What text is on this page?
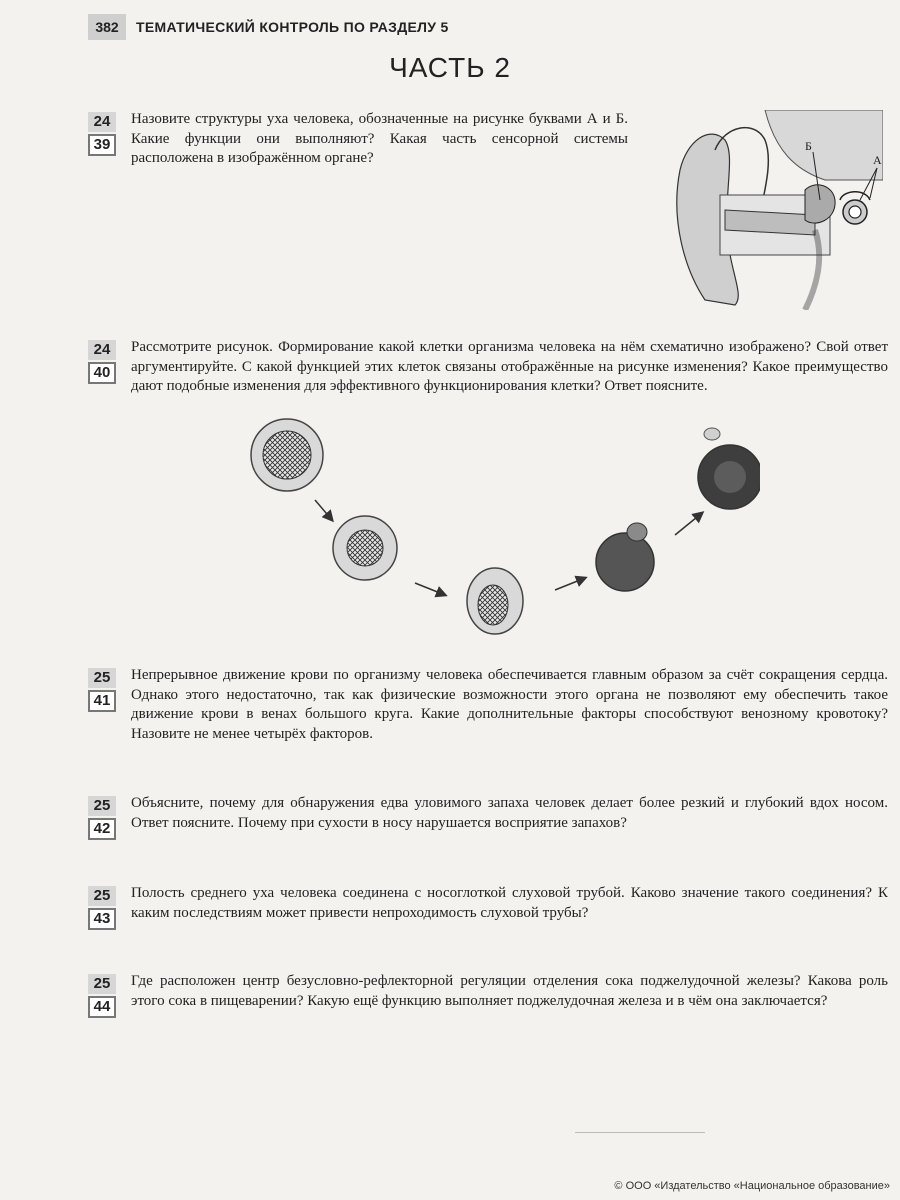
382	ТЕМАТИЧЕСКИЙ КОНТРОЛЬ ПО РАЗДЕЛУ 5
ЧАСТЬ 2
24
39
Назовите структуры уха человека, обозначенные на рисунке буквами А и Б. Какие функции они выполняют? Какая часть сенсорной системы расположена в изображённом органе?
Б
А
24
40
Рассмотрите рисунок. Формирование какой клетки организма человека на нём схематично изображено? Свой ответ аргументируйте. С какой функцией этих клеток связаны отображённые на рисунке изменения? Какое преимущество дают подобные изменения для эффективного функционирования клетки? Ответ поясните.
25
41
Непрерывное движение крови по организму человека обеспечивается главным образом за счёт сокращения сердца. Однако этого недостаточно, так как физические возможности этого органа не позволяют ему обеспечить такое движение крови в венах большого круга. Какие дополнительные факторы способствуют венозному кровотоку? Назовите не менее четырёх факторов.
25
42
Объясните, почему для обнаружения едва уловимого запаха человек делает более резкий и глубокий вдох носом. Ответ поясните. Почему при сухости в носу нарушается восприятие запахов?
25
43
Полость среднего уха человека соединена с носоглоткой слуховой трубой. Каково значение такого соединения? К каким последствиям может привести непроходимость слуховой трубы?
25
44
Где расположен центр безусловно-рефлекторной регуляции отделения сока поджелудочной железы? Какова роль этого сока в пищеварении? Какую ещё функцию выполняет поджелудочная железа и в чём она заключается?
© ООО «Издательство «Национальное образование»
